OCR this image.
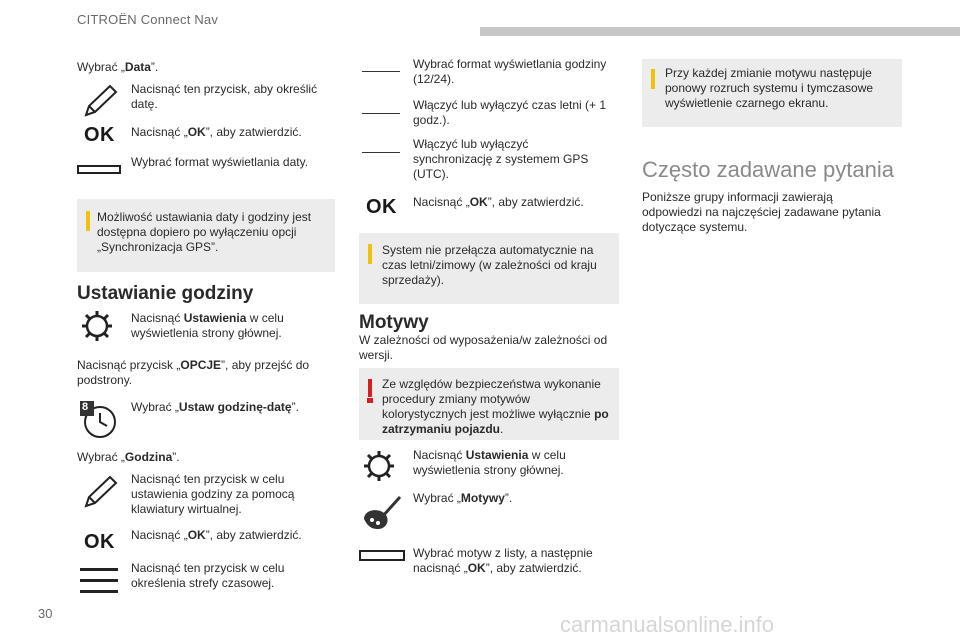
CITROËN Connect Nav
30
Wybrać „Data”.
Nacisnąć ten przycisk, aby określić datę.
OK Nacisnąć „OK”, aby zatwierdzić.
Wybrać format wyświetlania daty.
Możliwość ustawiania daty i godziny jest dostępna dopiero po wyłączeniu opcji „Synchronizacja GPS”.
Ustawianie godziny
Nacisnąć Ustawienia w celu wyświetlenia strony głównej.
Nacisnąć przycisk „OPCJE”, aby przejść do podstrony.
8	Wybrać „Ustaw godzinę-datę”.
Wybrać „Godzina”.
Nacisnąć ten przycisk w celu ustawienia godziny za pomocą klawiatury wirtualnej.
OK Nacisnąć „OK”, aby zatwierdzić.
Nacisnąć ten przycisk w celu określenia strefy czasowej.
Wybrać format wyświetlania godziny (12/24).
Włączyć lub wyłączyć czas letni (+ 1 godz.).
Włączyć lub wyłączyć synchronizację z systemem GPS (UTC).
OK Nacisnąć „OK”, aby zatwierdzić.
System nie przełącza automatycznie na czas letni/zimowy (w zależności od kraju sprzedaży).
Motywy
W zależności od wyposażenia/w zależności od wersji.
Ze względów bezpieczeństwa wykonanie procedury zmiany motywów kolorystycznych jest możliwe wyłącznie po zatrzymaniu pojazdu.
Nacisnąć Ustawienia w celu wyświetlenia strony głównej.
Wybrać „Motywy”.
Wybrać motyw z listy, a następnie nacisnąć „OK”, aby zatwierdzić.
Przy każdej zmianie motywu następuje ponowy rozruch systemu i tymczasowe wyświetlenie czarnego ekranu.
Często zadawane pytania
Poniższe grupy informacji zawierają odpowiedzi na najczęściej zadawane pytania dotyczące systemu.
carmanualsonline.info
